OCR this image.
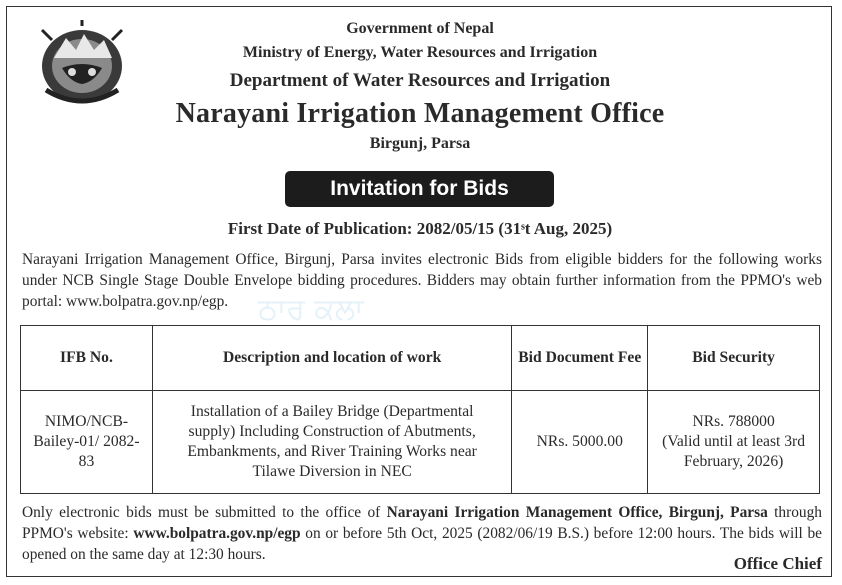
Government of Nepal
Ministry of Energy, Water Resources and Irrigation
Department of Water Resources and Irrigation
Narayani Irrigation Management Office
Birgunj, Parsa
Invitation for Bids
First Date of Publication: 2082/05/15 (31ˢt Aug, 2025)
ਠਾਰ ਕਲਾ

Narayani Irrigation Management Office, Birgunj, Parsa invites electronic Bids from eligible bidders for the following works under NCB Single Stage Double Envelope bidding procedures. Bidders may obtain further information from the PPMO's web portal: www.bolpatra.gov.np/egp.

IFB No.	Description and location of work	Bid Document Fee	Bid Security
NIMO/NCB-Bailey-01/ 2082-83	Installation of a Bailey Bridge (Departmental supply) Including Construction of Abutments, Embankments, and River Training Works near Tilawe Diversion in NEC	NRs. 5000.00	NRs. 788000
(Valid until at least 3rd February, 2026)
Only electronic bids must be submitted to the office of Narayani Irrigation Management Office, Birgunj, Parsa through PPMO's website: www.bolpatra.gov.np/egp on or before 5th Oct, 2025 (2082/06/19 B.S.) before 12:00 hours. The bids will be opened on the same day at 12:30 hours.	Office Chief
